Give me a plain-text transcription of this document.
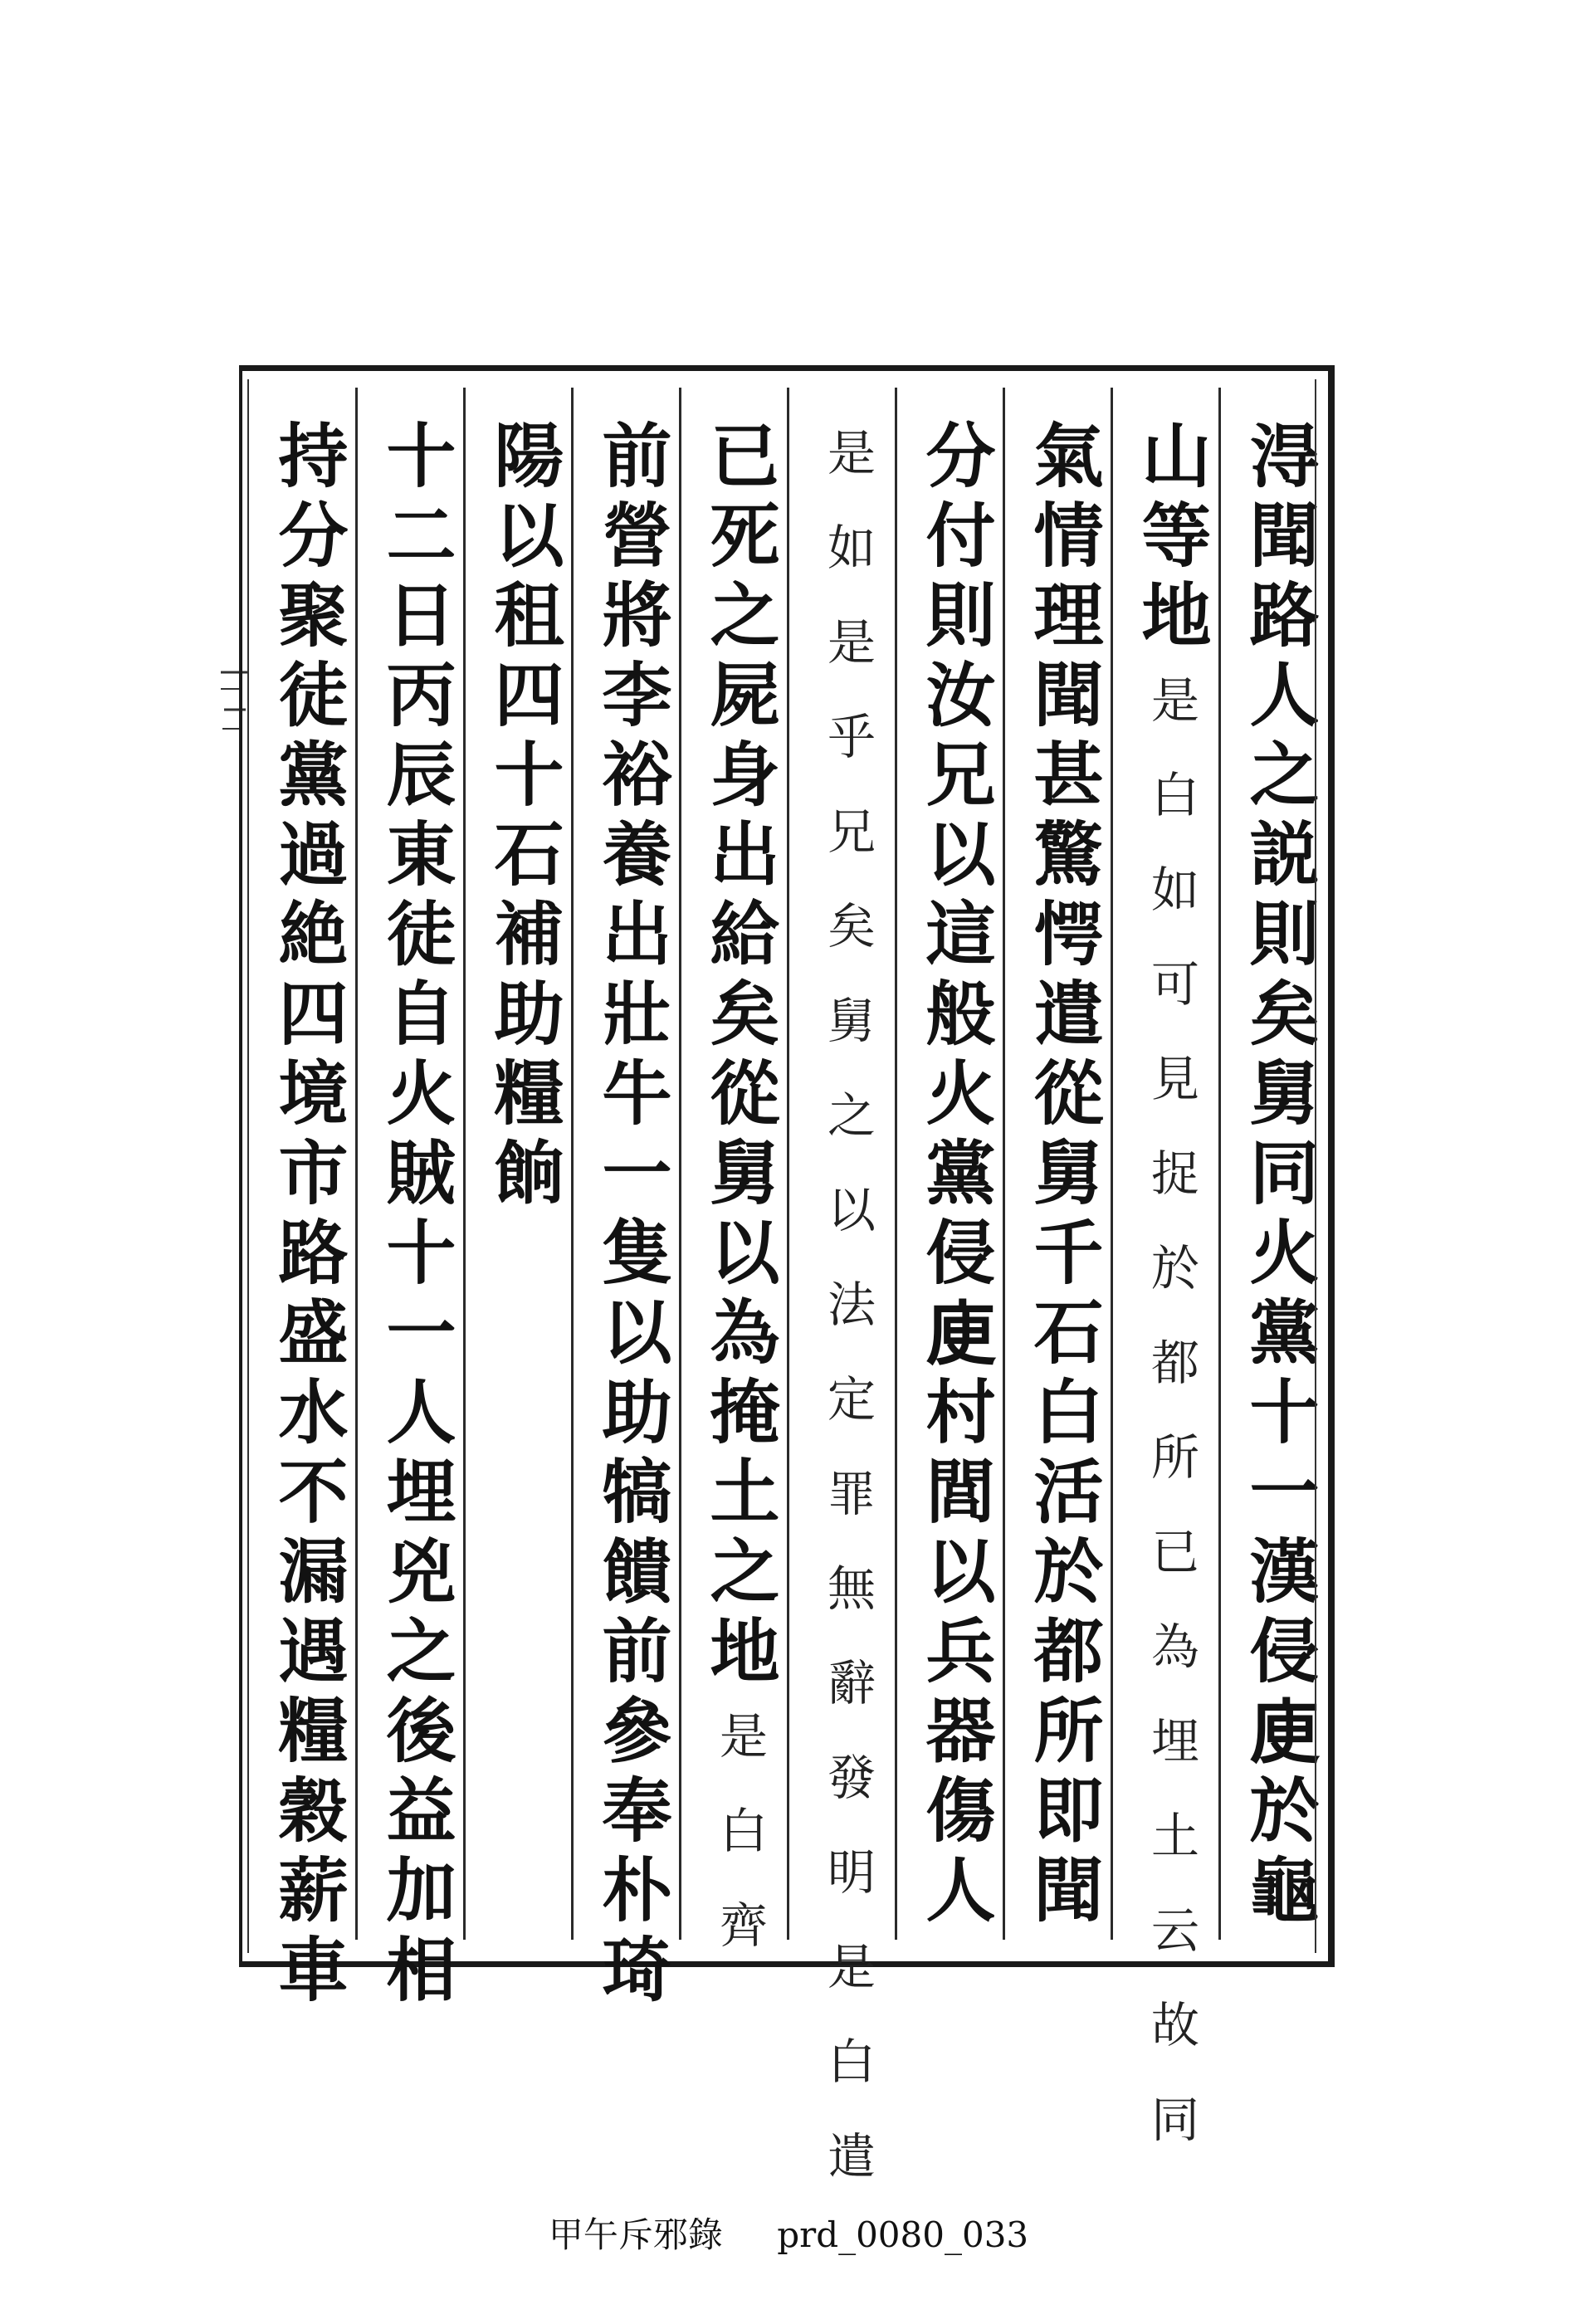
淂聞路人之説則矣舅同火黨十一漢侵𢈔於龜
山等地
是白如可見捉於都所已為埋土云故同
氣情理聞甚驚愕遣從舅千石白活於都所即聞
分付則汝兄以這般火黨侵𢈔村閭以兵器傷人
是如是乎兄矣舅之以法定罪無辭發明是白遣
已死之屍身出給矣從舅以為掩土之地
是白齊
前營將李裕養出壯牛一隻以助犒饋前參奉朴琦
陽以租四十石補助糧餉
十二日丙辰東徒自火賊十一人埋兇之後益加相
持分聚徒黨過絶四境市路盛水不漏遇糧穀薪車
甲午斥邪錄 prd_0080_033
